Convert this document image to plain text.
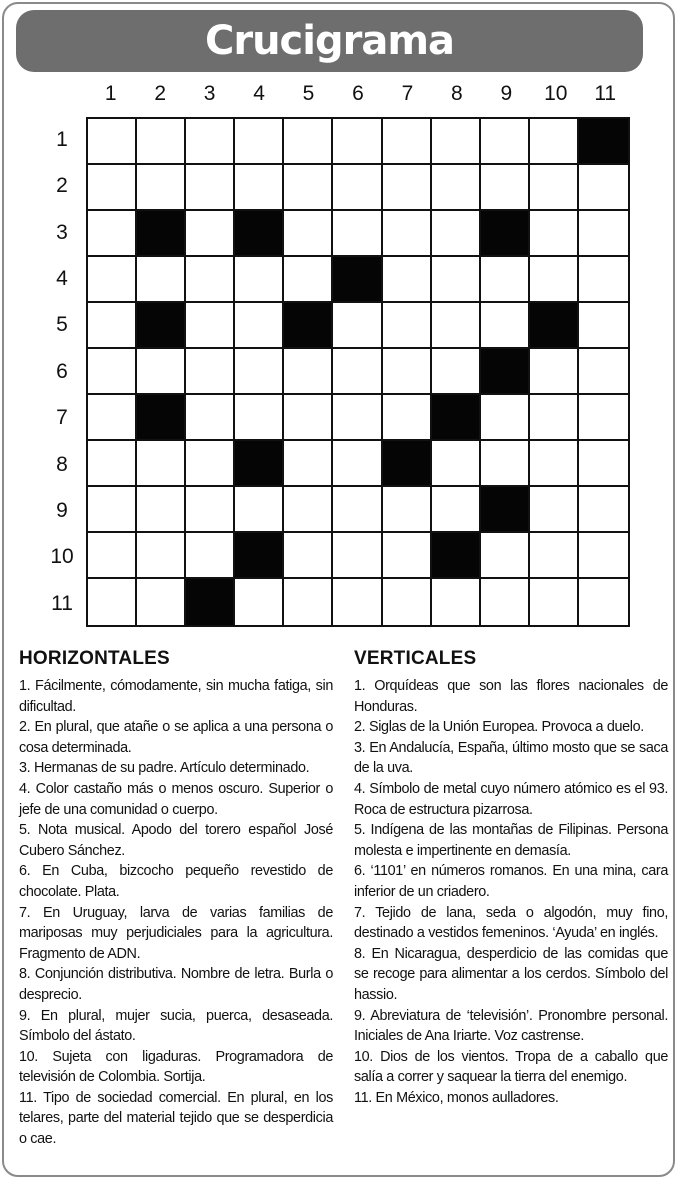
Crucigrama
1	2	3	4	5	6	7	8	9	10	11
1
2
3
4
5
6
7
8
9
10
11
HORIZONTALES

1. Fácilmente, cómodamente, sin mucha fatiga, sin dificultad.

2. En plural, que atañe o se aplica a una persona o cosa determinada.

3. Hermanas de su padre. Artículo determinado.

4. Color castaño más o menos oscuro. Superior o jefe de una comunidad o cuerpo.

5. Nota musical. Apodo del torero español José Cubero Sánchez.

6. En Cuba, bizcocho pequeño revestido de chocolate. Plata.

7. En Uruguay, larva de varias familias de mariposas muy perjudiciales para la agricultura. Fragmento de ADN.

8. Conjunción distributiva. Nombre de letra. Burla o desprecio.

9. En plural, mujer sucia, puerca, desaseada. Símbolo del ástato.

10. Sujeta con ligaduras. Programadora de televisión de Colombia. Sortija.

11. Tipo de sociedad comercial. En plural, en los telares, parte del material tejido que se desperdicia o cae.

VERTICALES

1. Orquídeas que son las flores nacionales de Honduras.

2. Siglas de la Unión Europea. Provoca a duelo.

3. En Andalucía, España, último mosto que se saca de la uva.

4. Símbolo de metal cuyo número atómico es el 93. Roca de estructura pizarrosa.

5. Indígena de las montañas de Filipinas. Persona molesta e impertinente en demasía.

6. ‘1101’ en números romanos. En una mina, cara inferior de un criadero.

7. Tejido de lana, seda o algodón, muy fino, destinado a vestidos femeninos. ‘Ayuda’ en inglés.

8. En Nicaragua, desperdicio de las comidas que se recoge para alimentar a los cerdos. Símbolo del hassio.

9. Abreviatura de ‘televisión’. Pronombre personal. Iniciales de Ana Iriarte. Voz castrense.

10. Dios de los vientos. Tropa de a caballo que salía a correr y saquear la tierra del enemigo.

11. En México, monos aulladores.
